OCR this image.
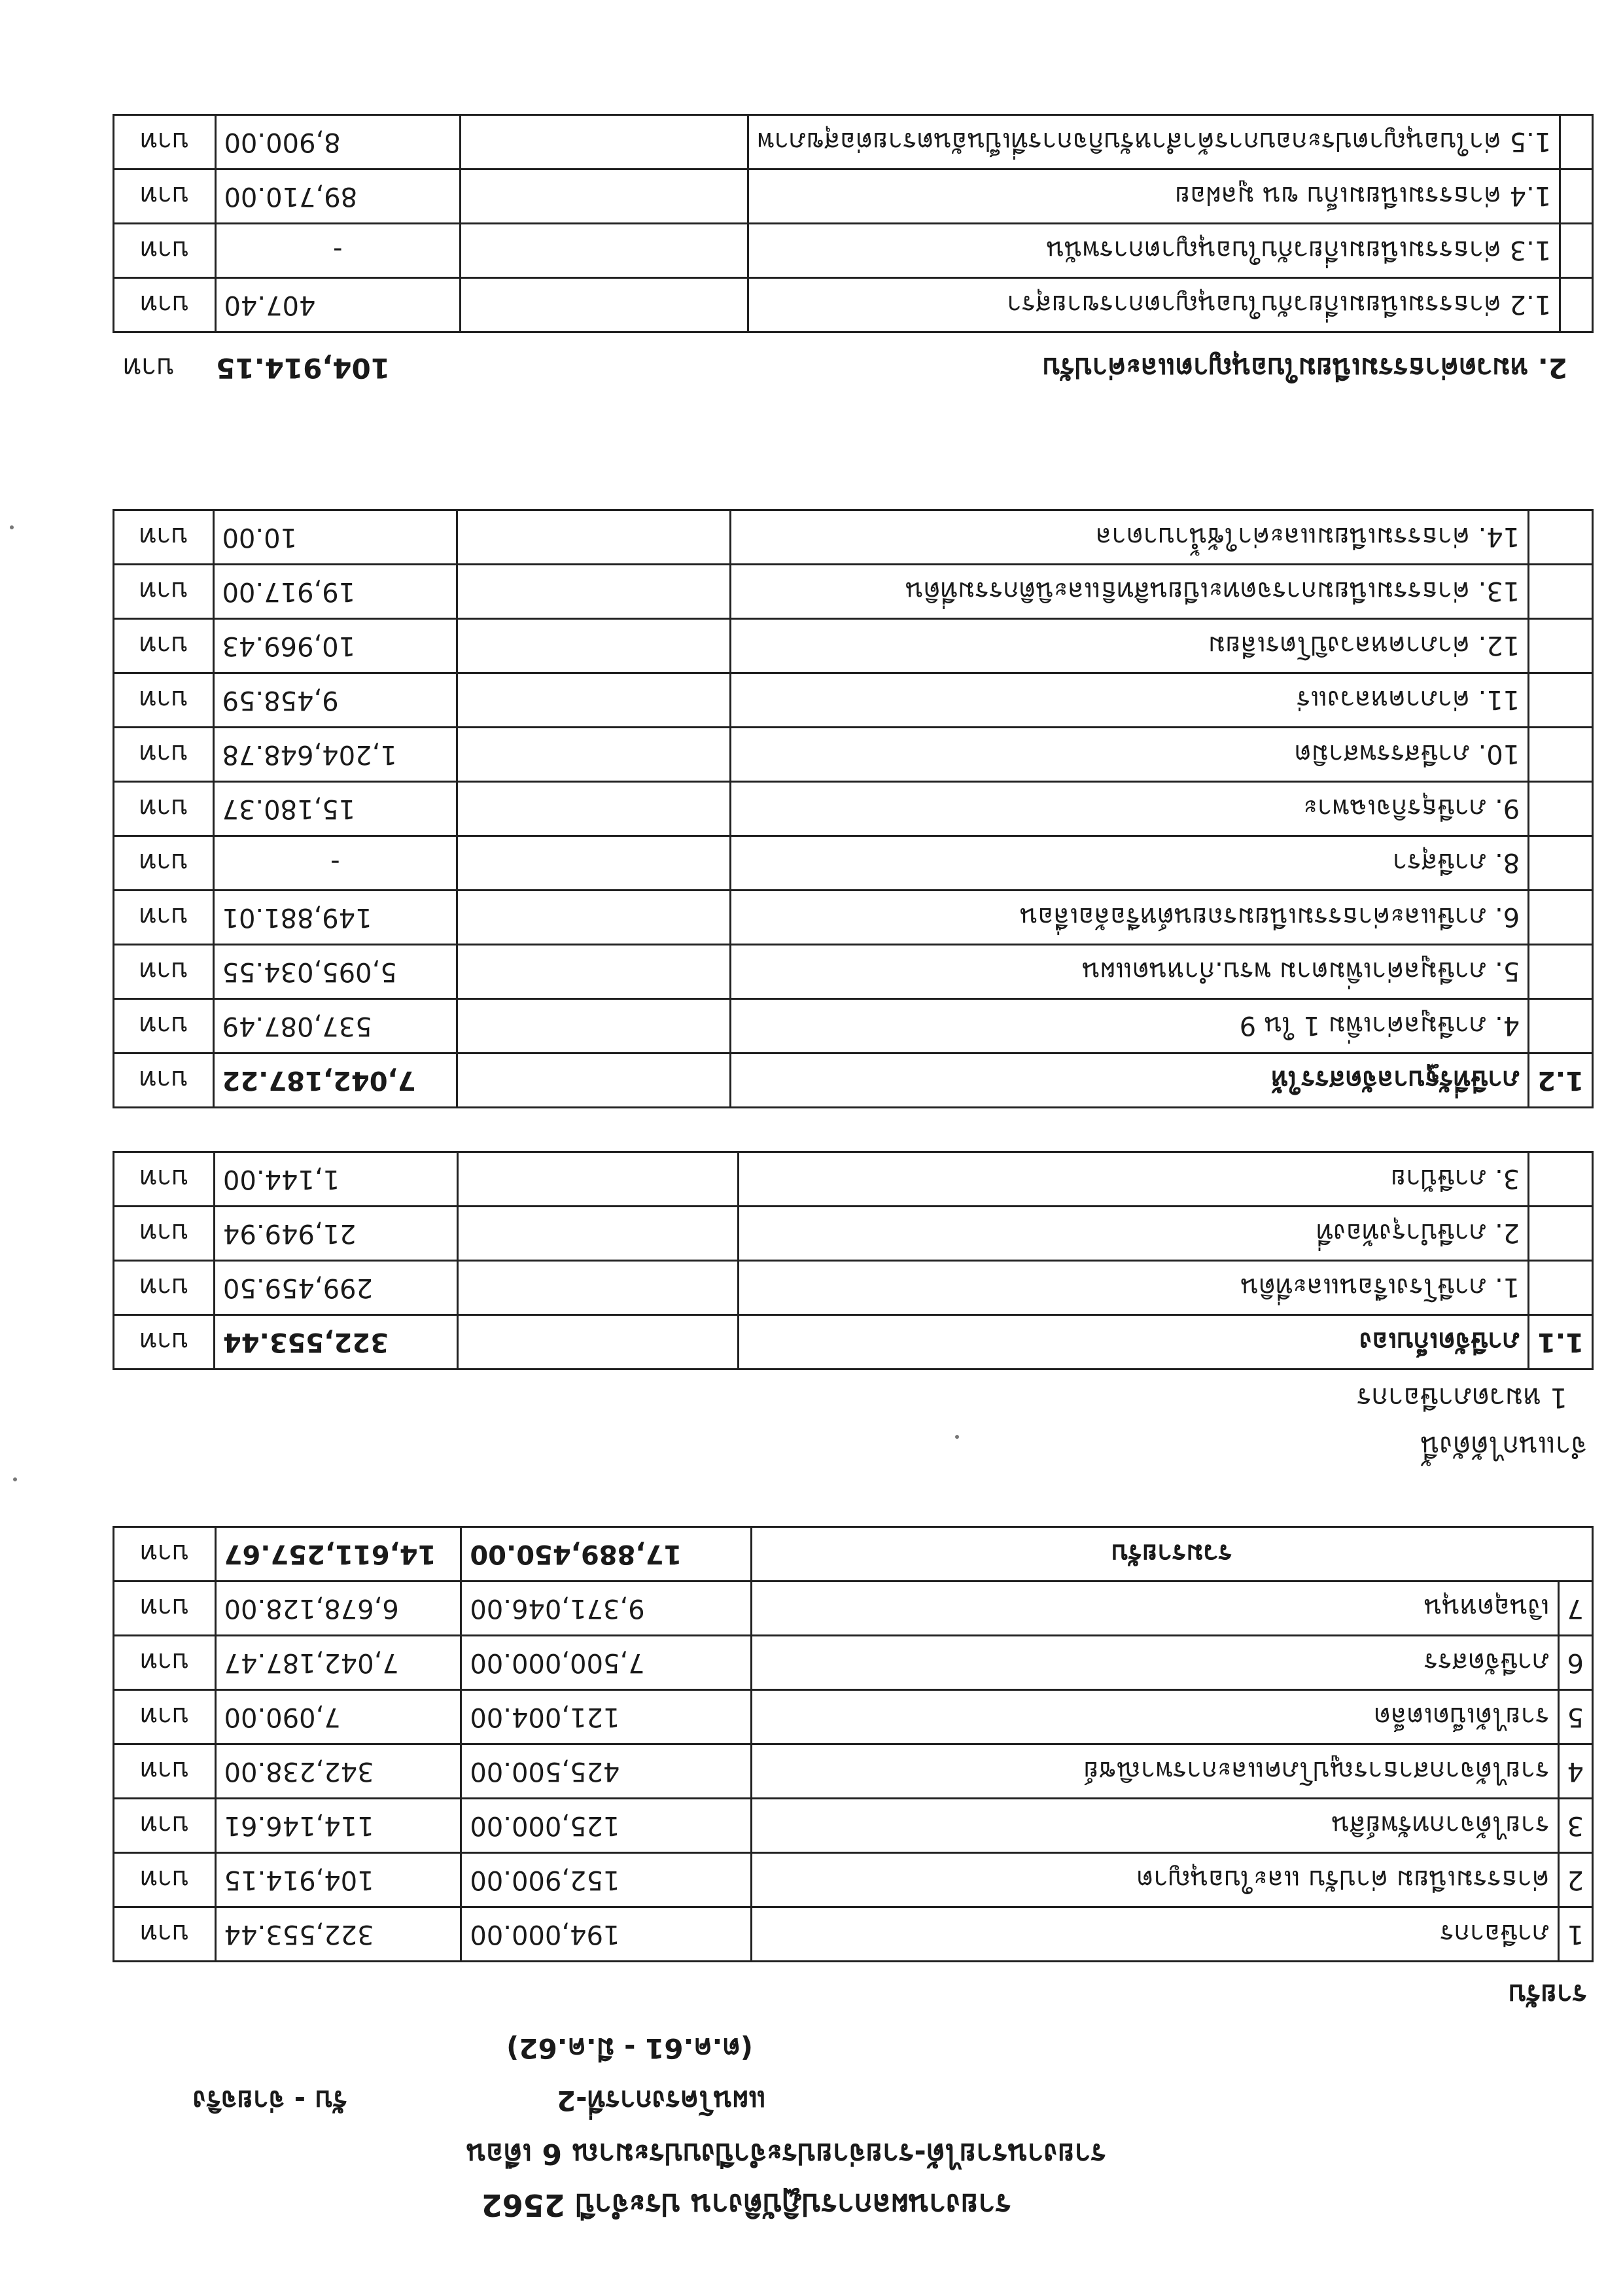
รายงานผลการปฏิบัติงาน ประจำปี 2562
รายงานรายได้-รายจ่ายประจำปีงบประมาณ 6 เดือน
แผนโครงการที่-2
รับ - จ่ายจริง
(ต.ค.61 - มี.ค.62)
รายรับ
1	ภาษีอากร	194,000.00	322,553.44	บาท
2	ค่าธรรมเนียม ค่าปรับ และใบอนุญาต	152,900.00	104,914.15	บาท
3	รายได้จากทรัพย์สิน	125,000.00	114,146.61	บาท
4	รายได้จากสาธารณูปโภคและการพาณิชย์	425,500.00	342,238.00	บาท
5	รายได้เบ็ดเตล็ด	121,004.00	7,090.00	บาท
6	ภาษีจัดสรร	7,500,000.00	7,042,187.47	บาท
7	เงินอุดหนุน	9,371,046.00	6,678,128.00	บาท
รวมรายรับ		17,889,450.00	14,611,257.67	บาท
จำแนกได้ดังนี้
1 หมวดภาษีอากร
1.1	ภาษีจัดเก็บเอง		322,553.44	บาท
	1. ภาษีโรงเรือนและที่ดิน		299,459.50	บาท
	2. ภาษีบำรุงท้องที่		21,949.94	บาท
	3. ภาษีป้าย		1,144.00	บาท
1.2	ภาษีที่รัฐบาลจัดสรรให้		7,042,187.22	บาท
	4. ภาษีมูลค่าเพิ่ม 1 ใน 9		537,087.49	บาท
	5. ภาษีมูลค่าเพิ่มตาม พรบ.กำหนดแผน		5,095,034.55	บาท
	6. ภาษีและค่าธรรมเนียมรถยนต์หรือล้อเลื่อน		149,881.01	บาท
	8. ภาษีสุรา		-	บาท
	9. ภาษีธุรกิจเฉพาะ		15,180.37	บาท
	10. ภาษีสรรพสามิต		1,204,648.78	บาท
	11. ค่าภาคหลวงแร่		9,458.59	บาท
	12. ค่าภาคหลวงปิโตรเลียม		10,969.43	บาท
	13. ค่าธรรมเนียมการจดทะเบียนสิทธิและนิติกรรมที่ดิน		19,917.00	บาท
	14. ค่าธรรมเนียมและค่าใช้น้ำบาดาล		10.00	บาท
2. หมวดค่าธรรมเนียมใบอนุญาตและค่าปรับ
104,914.15
บาท
	1.2 ค่าธรรมเนียมเกี่ยวกับใบอนุญาตการขายสุรา		407.40	บาท
	1.3 ค่าธรรมเนียมเกี่ยวกับใบอนุญาตการพนัน		-	บาท
	1.4 ค่าธรรมเนียมเก็บ ขน มูลฝอย		89,710.00	บาท
	1.5 ค่าใบอนุญาตประกอบการค้าสำหรับกิจการที่เป็นอันตรายต่อสุขภาพ		8,900.00	บาท
